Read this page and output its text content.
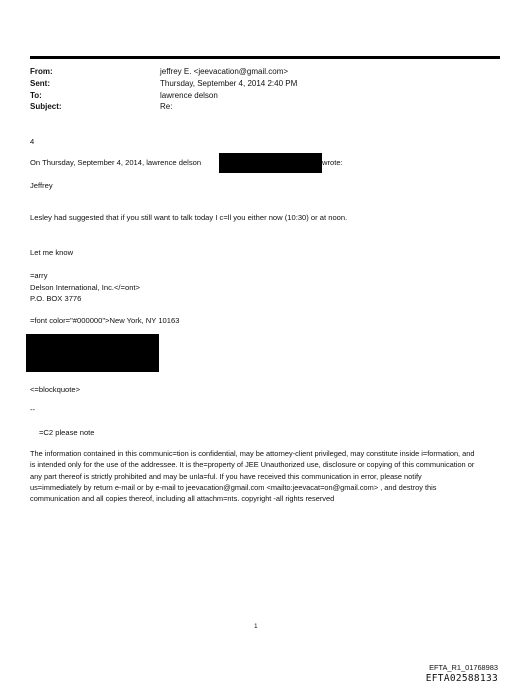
From:	jeffrey E. <jeevacation@gmail.com>
Sent:	Thursday, September 4, 2014 2:40 PM
To:	lawrence delson
Subject:	Re:
4
On Thursday, September 4, 2014, lawrence delson	wrote:
Jeffrey
Lesley had suggested that if you still want to talk today I c=ll you either now (10:30) or at noon.
Let me know
=arry
Delson International, Inc.</=ont>
P.O. BOX 3776
=font color="#000000">New York, NY 10163
<=blockquote>
--
=C2 please note
The information contained in this communic=tion is confidential, may be attorney-client privileged, may constitute inside i=formation, and is intended only for the use of the addressee. It is the=property of JEE Unauthorized use, disclosure or copying of this communication or any part thereof is strictly prohibited and may be unla=ful. If you have received this communication in error, please notify us=immediately by return e-mail or by e-mail to jeevacation@gmail.com <mailto:jeevacat=on@gmail.com> , and destroy this communication and all copies thereof, including all attachm=nts. copyright -all rights reserved
1
EFTA_R1_01768983
EFTA02588133
